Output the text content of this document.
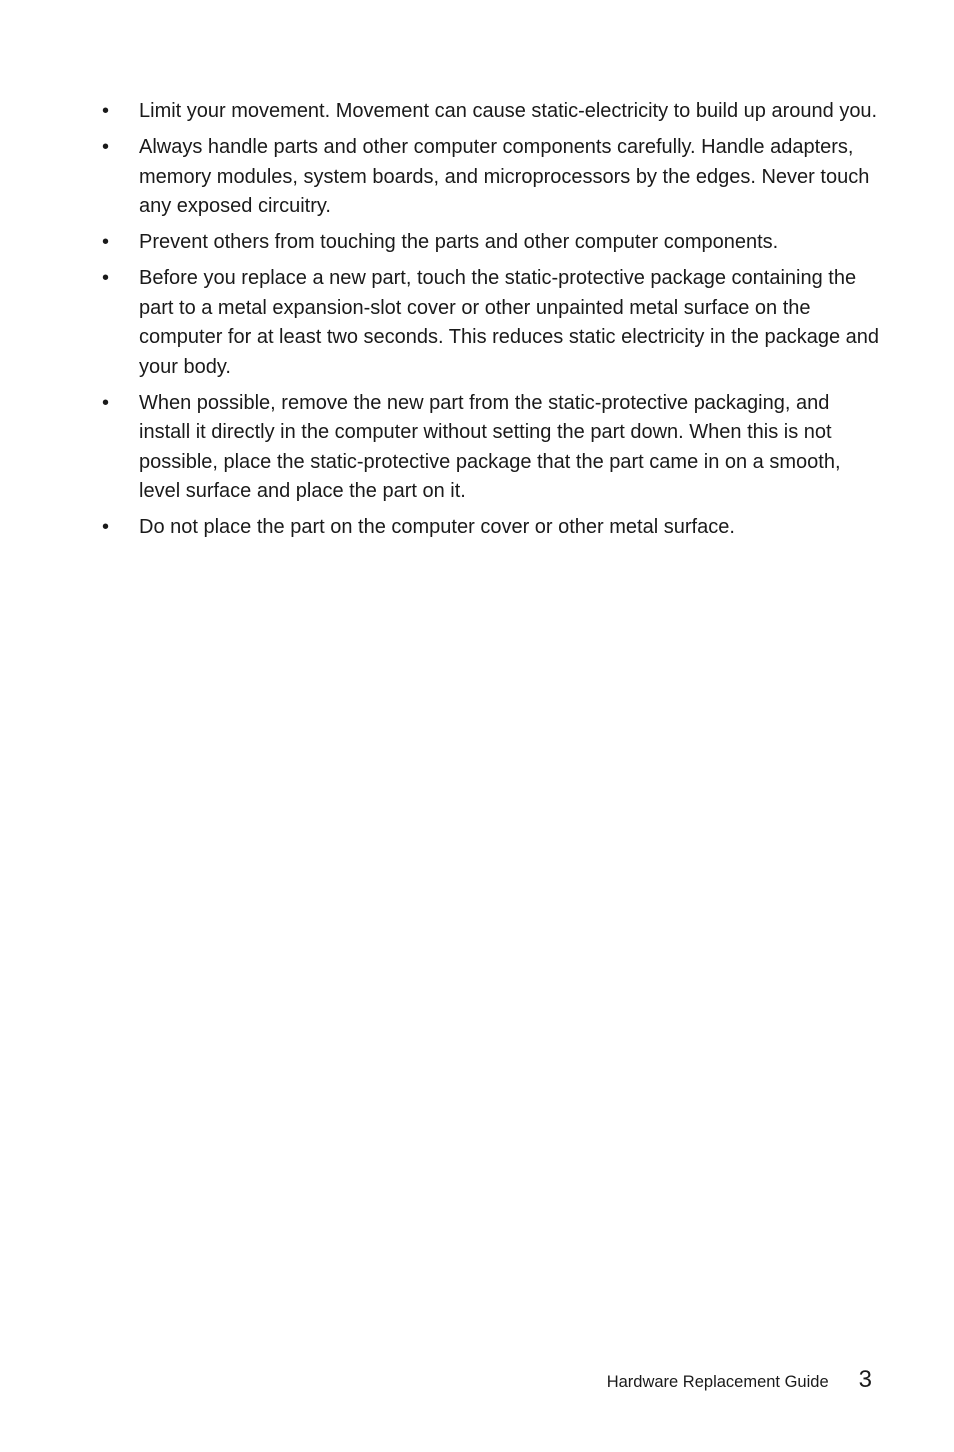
•	Limit your movement. Movement can cause static-electricity to build up around you.
•	Always handle parts and other computer components carefully. Handle adapters, memory modules, system boards, and microprocessors by the edges. Never touch any exposed circuitry.
•	Prevent others from touching the parts and other computer components.
•	Before you replace a new part, touch the static-protective package containing the part to a metal expansion-slot cover or other unpainted metal surface on the computer for at least two seconds. This reduces static electricity in the package and your body.
•	When possible, remove the new part from the static-protective packaging, and install it directly in the computer without setting the part down. When this is not possible, place the static-protective package that the part came in on a smooth, level surface and place the part on it.
•	Do not place the part on the computer cover or other metal surface.
Hardware Replacement Guide 3
